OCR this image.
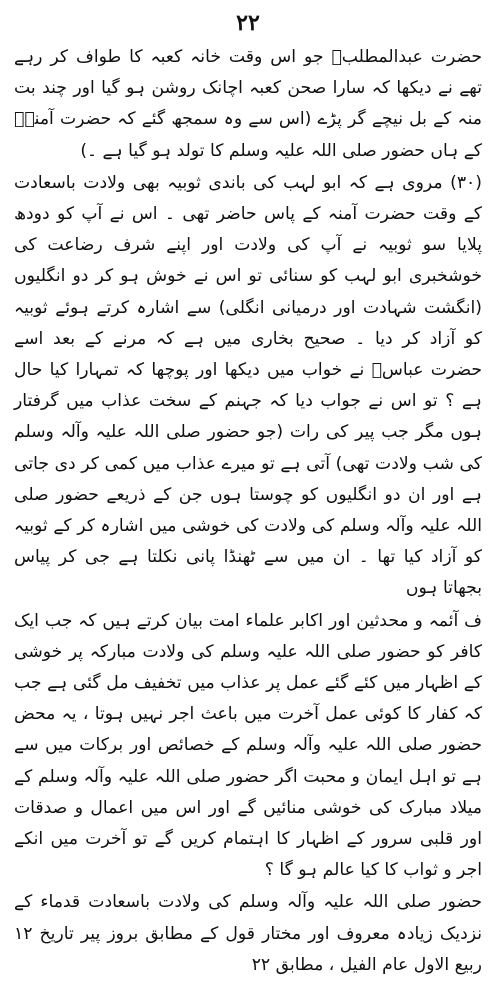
٢٢

حضرت عبدالمطلبؓ جو اس وقت خانہ کعبہ کا طواف کر رہے تھے نے دیکھا کہ سارا صحن کعبہ اچانک روشن ہو گیا اور چند بت منہ کے بل نیچے گر پڑے (اس سے وہ سمجھ گئے کہ حضرت آمنہؓ کے ہاں حضور صلی اللہ علیہ وسلم کا تولد ہو گیا ہے ۔)

(٣٠) مروی ہے کہ ابو لہب کی باندی ثوبیہ بھی ولادت باسعادت کے وقت حضرت آمنہ کے پاس حاضر تھی ۔ اس نے آپ کو دودھ پلایا سو ثوبیہ نے آپ کی ولادت اور اپنے شرف رضاعت کی خوشخبری ابو لہب کو سنائی تو اس نے خوش ہو کر دو انگلیوں (انگشت شہادت اور درمیانی انگلی) سے اشارہ کرتے ہوئے ثوبیہ کو آزاد کر دیا ۔ صحیح بخاری میں ہے کہ مرنے کے بعد اسے حضرت عباسؓ نے خواب میں دیکھا اور پوچھا کہ تمہارا کیا حال ہے ؟ تو اس نے جواب دیا کہ جہنم کے سخت عذاب میں گرفتار ہوں مگر جب پیر کی رات (جو حضور صلی اللہ علیہ وآلہ وسلم کی شب ولادت تھی) آتی ہے تو میرے عذاب میں کمی کر دی جاتی ہے اور ان دو انگلیوں کو چوستا ہوں جن کے ذریعے حضور صلی اللہ علیہ وآلہ وسلم کی ولادت کی خوشی میں اشارہ کر کے ثوبیہ کو آزاد کیا تھا ۔ ان میں سے ٹھنڈا پانی نکلتا ہے جی کر پیاس بجھاتا ہوں

ف آئمہ و محدثین اور اکابر علماء امت بیان کرتے ہیں کہ جب ایک کافر کو حضور صلی اللہ علیہ وسلم کی ولادت مبارکہ پر خوشی کے اظہار میں کئے گئے عمل پر عذاب میں تخفیف مل گئی ہے جب کہ کفار کا کوئی عمل آخرت میں باعث اجر نہیں ہوتا ، یہ محض حضور صلی اللہ علیہ وآلہ وسلم کے خصائص اور برکات میں سے ہے تو اہل ایمان و محبت اگر حضور صلی اللہ علیہ وآلہ وسلم کے میلاد مبارک کی خوشی منائیں گے اور اس میں اعمال و صدقات اور قلبی سرور کے اظہار کا اہتمام کریں گے تو آخرت میں انکے اجر و ثواب کا کیا عالم ہو گا ؟

حضور صلی اللہ علیہ وآلہ وسلم کی ولادت باسعادت قدماء کے نزدیک زیادہ معروف اور مختار قول کے مطابق بروز پیر تاریخ ١٢ ربیع الاول عام الفیل ، مطابق ٢٢
